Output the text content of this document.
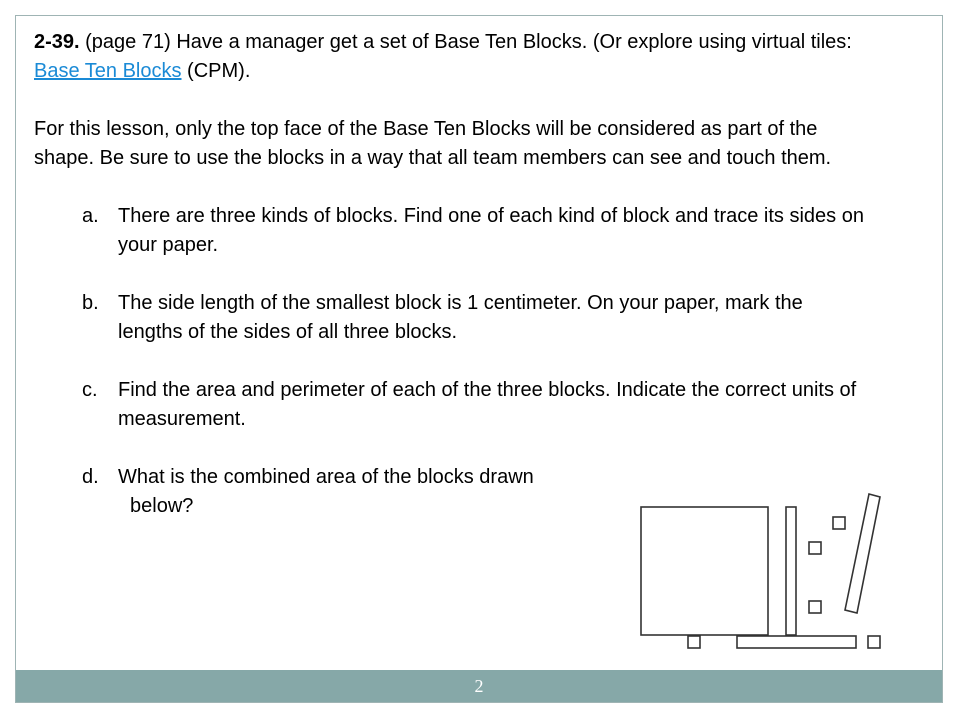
2-39. (page 71) Have a manager get a set of Base Ten Blocks. (Or explore using virtual tiles: Base Ten Blocks (CPM).

For this lesson, only the top face of the Base Ten Blocks will be considered as part of the shape. Be sure to use the blocks in a way that all team members can see and touch them.

a. There are three kinds of blocks. Find one of each kind of block and trace its sides on your paper.
b. The side length of the smallest block is 1 centimeter. On your paper, mark the lengths of the sides of all three blocks.
c.	Find the area and perimeter of each of the three blocks. Indicate the correct units of measurement.
d. What is the combined area of the blocks drawn

below?

2
